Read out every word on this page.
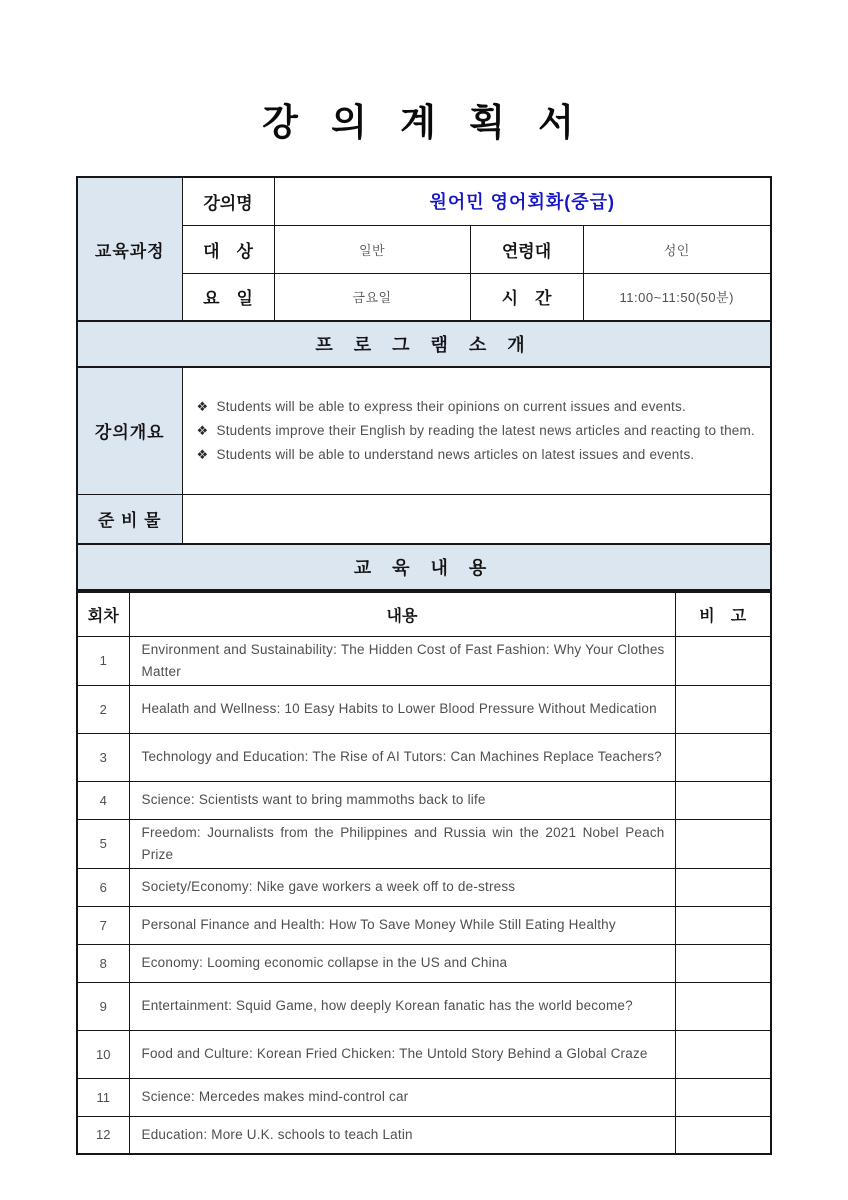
강 의 계 획 서
교육과정	강의명	원어민 영어회화(중급)		
	대 상	일반	연령대	성인
	요 일	금요일	시 간	11:00~11:50(50분)
프 로 그 램 소 개				
강의개요	
❖ Students will be able to express their opinions on current issues and events.
❖ Students improve their English by reading the latest news articles and reacting to them.
❖ Students will be able to understand news articles on latest issues and events.

준 비 물				
교 육 내 용				
회차	내용	비 고
1	Environment and Sustainability: The Hidden Cost of Fast Fashion: Why Your Clothes Matter	
2	Healath and Wellness: 10 Easy Habits to Lower Blood Pressure Without Medication	
3	Technology and Education: The Rise of AI Tutors: Can Machines Replace Teachers?	
4	Science: Scientists want to bring mammoths back to life	
5	Freedom: Journalists from the Philippines and Russia win the 2021 Nobel Peach Prize	
6	Society/Economy: Nike gave workers a week off to de-stress	
7	Personal Finance and Health: How To Save Money While Still Eating Healthy	
8	Economy: Looming economic collapse in the US and China	
9	Entertainment: Squid Game, how deeply Korean fanatic has the world become?	
10	Food and Culture: Korean Fried Chicken: The Untold Story Behind a Global Craze	
11	Science: Mercedes makes mind-control car	
12	Education: More U.K. schools to teach Latin	
